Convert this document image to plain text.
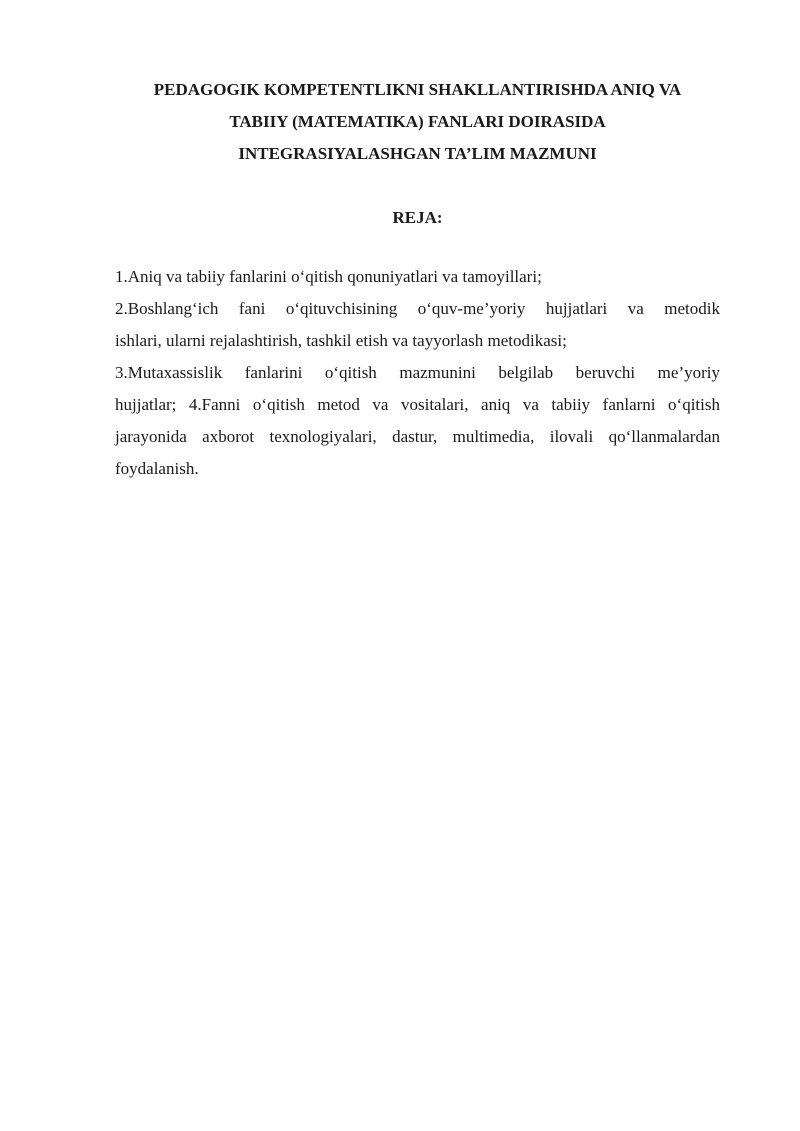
PEDAGOGIK KOMPETENTLIKNI SHAKLLANTIRISHDA ANIQ VA
TABIIY (MATEMATIKA) FANLARI DOIRASIDA
INTEGRASIYALASHGAN TA’LIM MAZMUNI
REJA:
1.Aniq va tabiiy fanlarini o‘qitish qonuniyatlari va tamoyillari;
2.Boshlang‘ich fani o‘qituvchisining o‘quv-me’yoriy hujjatlari va metodik
ishlari, ularni rejalashtirish, tashkil etish va tayyorlash metodikasi;
3.Mutaxassislik fanlarini o‘qitish mazmunini belgilab beruvchi me’yoriy
hujjatlar; 4.Fanni o‘qitish metod va vositalari, aniq va tabiiy fanlarni o‘qitish
jarayonida axborot texnologiyalari, dastur, multimedia, ilovali qo‘llanmalardan
foydalanish.
